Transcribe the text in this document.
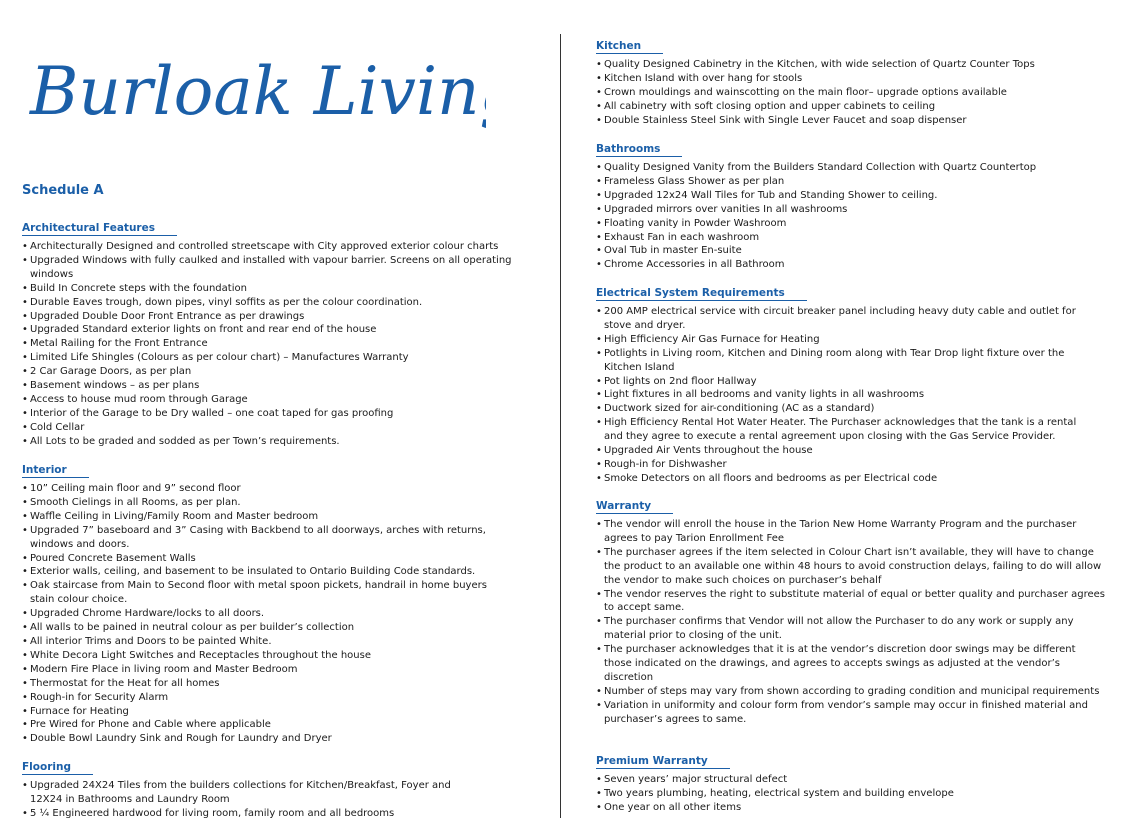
Burloak Living
Schedule A
Architectural Features
• Architecturally Designed and controlled streetscape with City approved exterior colour charts
• Upgraded Windows with fully caulked and installed with vapour barrier. Screens on all operating windows
• Build In Concrete steps with the foundation
• Durable Eaves trough, down pipes, vinyl soffits as per the colour coordination.
• Upgraded Double Door Front Entrance as per drawings
• Upgraded Standard exterior lights on front and rear end of the house
• Metal Railing for the Front Entrance
• Limited Life Shingles (Colours as per colour chart) – Manufactures Warranty
• 2 Car Garage Doors, as per plan
• Basement windows – as per plans
• Access to house mud room through Garage
• Interior of the Garage to be Dry walled – one coat taped for gas proofing
• Cold Cellar
• All Lots to be graded and sodded as per Town’s requirements.
Interior
• 10” Ceiling main floor and 9” second floor
• Smooth Cielings in all Rooms, as per plan.
• Waffle Ceiling in Living/Family Room and Master bedroom
• Upgraded 7” baseboard and 3” Casing with Backbend to all doorways, arches with returns, windows and doors.
• Poured Concrete Basement Walls
• Exterior walls, ceiling, and basement to be insulated to Ontario Building Code standards.
• Oak staircase from Main to Second floor with metal spoon pickets, handrail in home buyers stain colour choice.
• Upgraded Chrome Hardware/locks to all doors.
• All walls to be pained in neutral colour as per builder’s collection
• All interior Trims and Doors to be painted White.
• White Decora Light Switches and Receptacles throughout the house
• Modern Fire Place in living room and Master Bedroom
• Thermostat for the Heat for all homes
• Rough-in for Security Alarm
• Furnace for Heating
• Pre Wired for Phone and Cable where applicable
• Double Bowl Laundry Sink and Rough for Laundry and Dryer
Flooring
• Upgraded 24X24 Tiles from the builders collections for Kitchen/Breakfast, Foyer and 12X24 in Bathrooms and Laundry Room
• 5 ¼ Engineered hardwood for living room, family room and all bedrooms
Kitchen
• Quality Designed Cabinetry in the Kitchen, with wide selection of Quartz Counter Tops
• Kitchen Island with over hang for stools
• Crown mouldings and wainscotting on the main floor– upgrade options available
• All cabinetry with soft closing option and upper cabinets to ceiling
• Double Stainless Steel Sink with Single Lever Faucet and soap dispenser
Bathrooms
• Quality Designed Vanity from the Builders Standard Collection with Quartz Countertop
• Frameless Glass Shower as per plan
• Upgraded 12x24 Wall Tiles for Tub and Standing Shower to ceiling.
• Upgraded mirrors over vanities In all washrooms
• Floating vanity in Powder Washroom
• Exhaust Fan in each washroom
• Oval Tub in master En-suite
• Chrome Accessories in all Bathroom
Electrical System Requirements
• 200 AMP electrical service with circuit breaker panel including heavy duty cable and outlet for stove and dryer.
• High Efficiency Air Gas Furnace for Heating
• Potlights in Living room, Kitchen and Dining room along with Tear Drop light fixture over the Kitchen Island
• Pot lights on 2nd floor Hallway
• Light fixtures in all bedrooms and vanity lights in all washrooms
• Ductwork sized for air-conditioning (AC as a standard)
• High Efficiency Rental Hot Water Heater. The Purchaser acknowledges that the tank is a rental and they agree to execute a rental agreement upon closing with the Gas Service Provider.
• Upgraded Air Vents throughout the house
• Rough-in for Dishwasher
• Smoke Detectors on all floors and bedrooms as per Electrical code
Warranty
• The vendor will enroll the house in the Tarion New Home Warranty Program and the purchaser agrees to pay Tarion Enrollment Fee
• The purchaser agrees if the item selected in Colour Chart isn’t available, they will have to change the product to an available one within 48 hours to avoid construction delays, failing to do will allow the vendor to make such choices on purchaser’s behalf
• The vendor reserves the right to substitute material of equal or better quality and purchaser agrees to accept same.
• The purchaser confirms that Vendor will not allow the Purchaser to do any work or supply any material prior to closing of the unit.
• The purchaser acknowledges that it is at the vendor’s discretion door swings may be different those indicated on the drawings, and agrees to accepts swings as adjusted at the vendor’s discretion
• Number of steps may vary from shown according to grading condition and municipal requirements
• Variation in uniformity and colour form from vendor’s sample may occur in finished material and purchaser’s agrees to same.
Premium Warranty
• Seven years’ major structural defect
• Two years plumbing, heating, electrical system and building envelope
• One year on all other items
